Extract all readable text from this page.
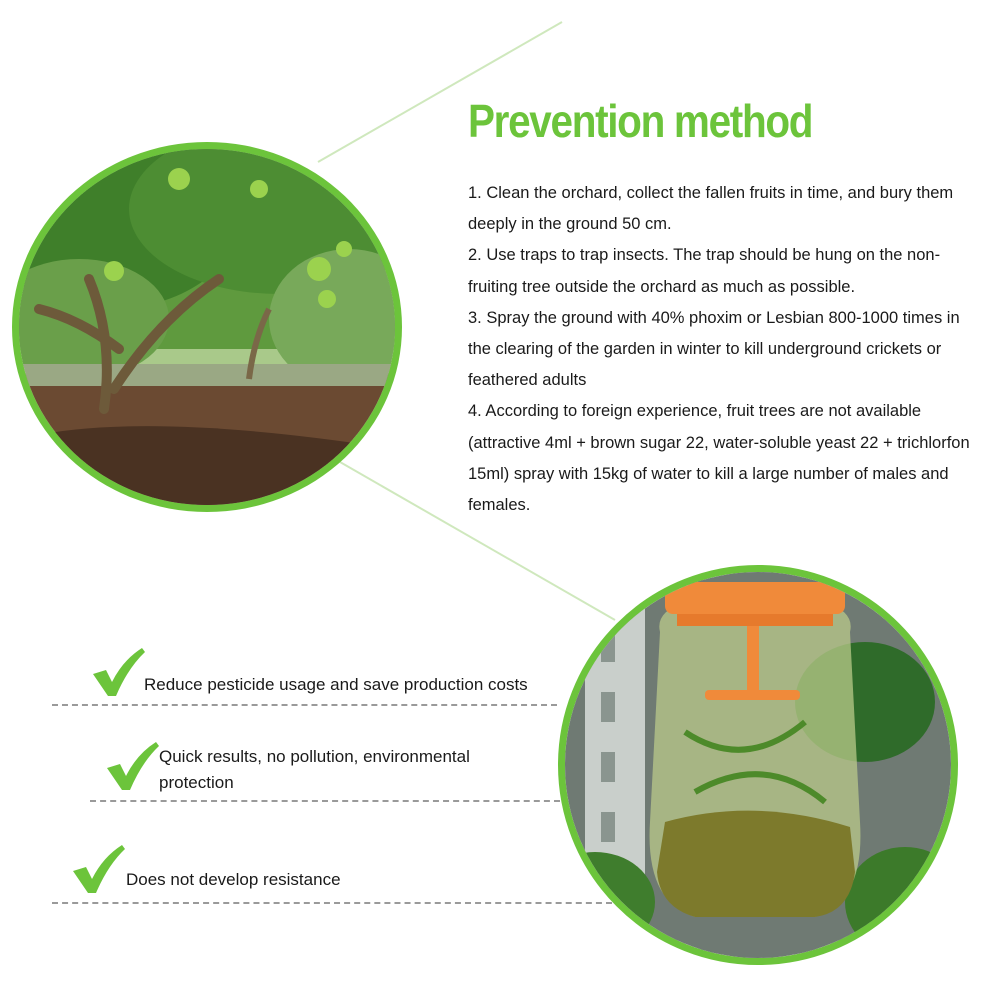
Prevention method

1. Clean the orchard, collect the fallen fruits in time, and bury them deeply in the ground 50 cm.

2. Use traps to trap insects. The trap should be hung on the non-fruiting tree outside the orchard as much as possible.

3. Spray the ground with 40% phoxim or Lesbian 800-1000 times in the clearing of the garden in winter to kill underground crickets or feathered adults

4. According to foreign experience, fruit trees are not available (attractive 4ml + brown sugar 22, water-soluble yeast 22 + trichlorfon 15ml) spray with 15kg of water to kill a large number of males and females.

Reduce pesticide usage and save production costs
Quick results, no pollution, environmental protection
Does not develop resistance
